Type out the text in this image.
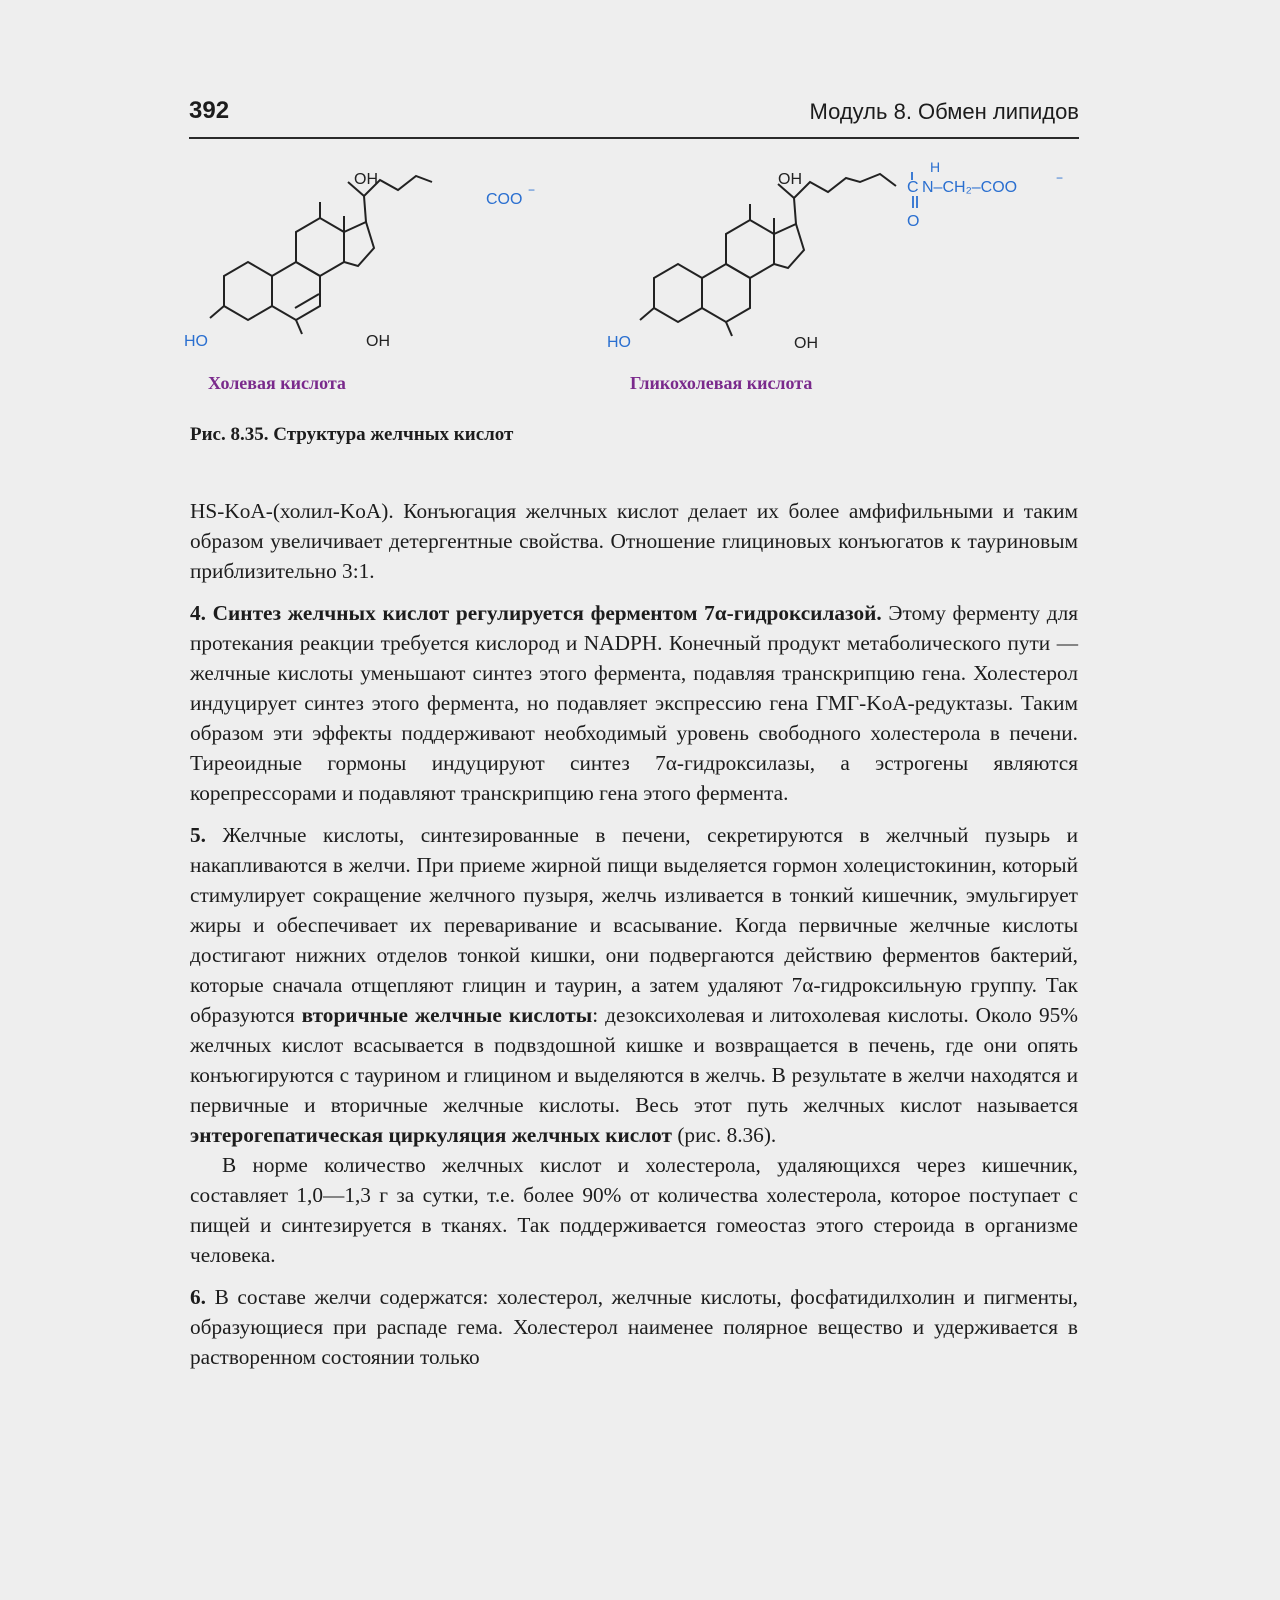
392	Модуль 8. Обмен липидов
OH
OH
OH
OH
HO
COO
−
HO
C
O
H
N–CH₂–COO
−
Холевая кислота	Гликохолевая кислота
Рис. 8.35. Структура желчных кислот

HS-KoA-(холил-KoA). Конъюгация желчных кислот делает их более амфифильными и таким образом увеличивает детергентные свойства. Отношение глициновых конъюгатов к тауриновым приблизительно 3:1.

4. Синтез желчных кислот регулируется ферментом 7α-гидроксилазой. Этому ферменту для протекания реакции требуется кислород и NADPH. Конечный продукт метаболического пути — желчные кислоты уменьшают синтез этого фермента, подавляя транскрипцию гена. Холестерол индуцирует синтез этого фермента, но подавляет экспрессию гена ГМГ-KoA-редуктазы. Таким образом эти эффекты поддерживают необходимый уровень свободного холестерола в печени. Тиреоидные гормоны индуцируют синтез 7α-гидроксилазы, а эстрогены являются корепрессорами и подавляют транскрипцию гена этого фермента.

5. Желчные кислоты, синтезированные в печени, секретируются в желчный пузырь и накапливаются в желчи. При приеме жирной пищи выделяется гормон холецистокинин, который стимулирует сокращение желчного пузыря, желчь изливается в тонкий кишечник, эмульгирует жиры и обеспечивает их переваривание и всасывание. Когда первичные желчные кислоты достигают нижних отделов тонкой кишки, они подвергаются действию ферментов бактерий, которые сначала отщепляют глицин и таурин, а затем удаляют 7α-гидроксильную группу. Так образуются вторичные желчные кислоты: дезоксихолевая и литохолевая кислоты. Около 95% желчных кислот всасывается в подвздошной кишке и возвращается в печень, где они опять конъюгируются с таурином и глицином и выделяются в желчь. В результате в желчи находятся и первичные и вторичные желчные кислоты. Весь этот путь желчных кислот называется энтерогепатическая циркуляция желчных кислот (рис. 8.36).

В норме количество желчных кислот и холестерола, удаляющихся через кишечник, составляет 1,0—1,3 г за сутки, т.е. более 90% от количества холестерола, которое поступает с пищей и синтезируется в тканях. Так поддерживается гомеостаз этого стероида в организме человека.

6. В составе желчи содержатся: холестерол, желчные кислоты, фосфатидилхолин и пигменты, образующиеся при распаде гема. Холестерол наименее полярное вещество и удерживается в растворенном состоянии только
